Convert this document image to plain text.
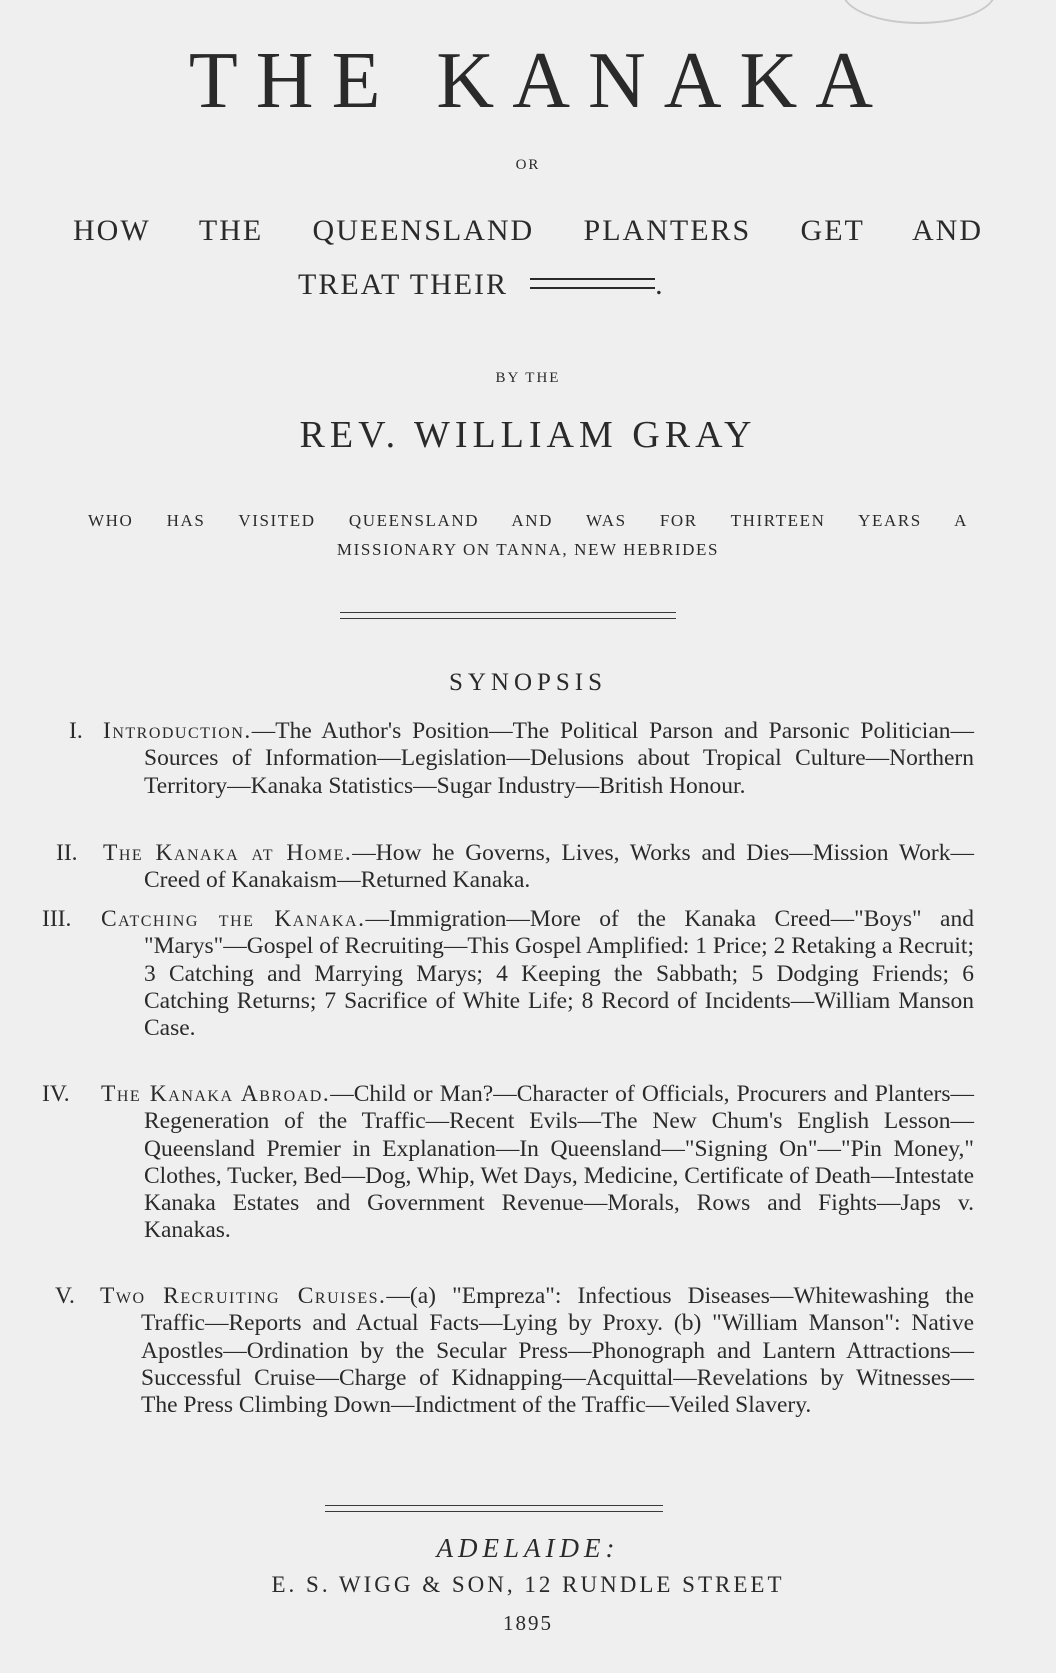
THE KANAKA
OR
HOW THE QUEENSLAND PLANTERS GET AND
TREAT THEIR	.
BY THE
REV. WILLIAM GRAY
WHO HAS VISITED QUEENSLAND AND WAS FOR THIRTEEN YEARS A
MISSIONARY ON TANNA, NEW HEBRIDES
SYNOPSIS
I. Introduction.—The Author's Position—The Political Parson and Parsonic Politician—Sources of Information—Legislation—Delusions about Tropical Culture—Northern Territory—Kanaka Statistics—Sugar Industry—British Honour.
II. The Kanaka at Home.—How he Governs, Lives, Works and Dies—Mission Work—Creed of Kanakaism—Returned Kanaka.
III. Catching the Kanaka.—Immigration—More of the Kanaka Creed—"Boys" and "Marys"—Gospel of Recruiting—This Gospel Amplified: 1 Price; 2 Retaking a Recruit; 3 Catching and Marrying Marys; 4 Keeping the Sabbath; 5 Dodging Friends; 6 Catching Returns; 7 Sacrifice of White Life; 8 Record of Incidents—William Manson Case.
IV. The Kanaka Abroad.—Child or Man?—Character of Officials, Procurers and Planters—Regeneration of the Traffic—Recent Evils—The New Chum's English Lesson—Queensland Premier in Explanation—In Queensland—"Signing On"—"Pin Money," Clothes, Tucker, Bed—Dog, Whip, Wet Days, Medicine, Certificate of Death—Intestate Kanaka Estates and Government Revenue—Morals, Rows and Fights—Japs v. Kanakas.
V. Two Recruiting Cruises.—(a) "Empreza": Infectious Diseases—Whitewashing the Traffic—Reports and Actual Facts—Lying by Proxy. (b) "William Manson": Native Apostles—Ordination by the Secular Press—Phonograph and Lantern Attractions—Successful Cruise—Charge of Kidnapping—Acquittal—Revelations by Witnesses—The Press Climbing Down—Indictment of the Traffic—Veiled Slavery.
ADELAIDE:
E. S. WIGG & SON, 12 RUNDLE STREET
1895
